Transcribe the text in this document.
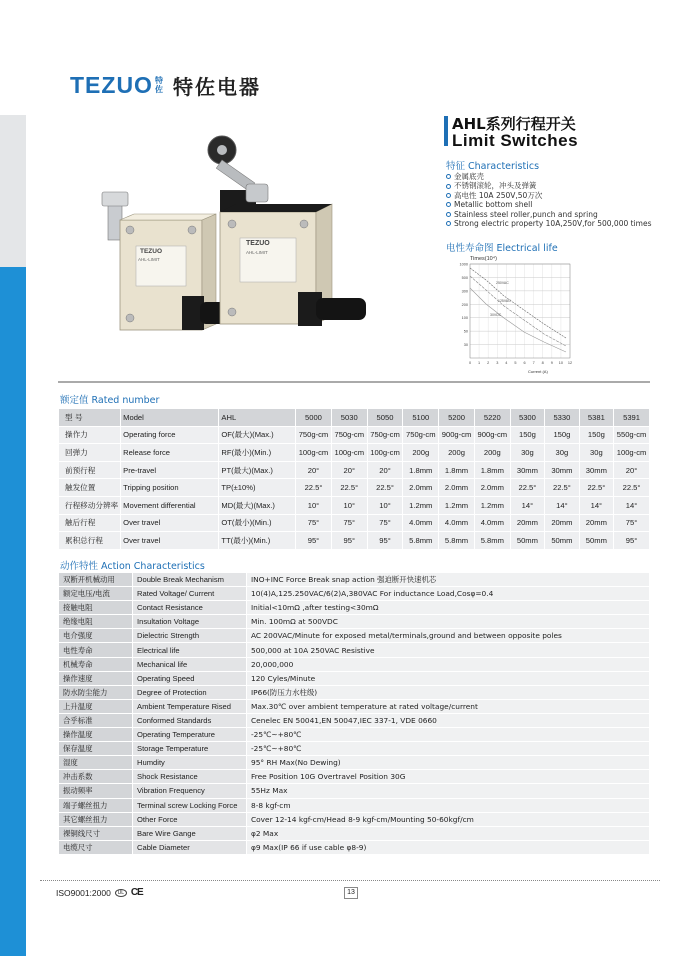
TEZUO 特
佐 特佐电器
TEZUO
AHL-LIMIT
TEZUO
AHL-LIMIT
AHL系列行程开关
Limit Switches
特征 Characteristics
金属底壳
不锈钢滚轮，冲头及弹簧
高电性 10A 250V,50万次
Metallic bottom shell
Stainless steel roller,punch and spring
Strong electric property 10A,250V,for 500,000 times
电性寿命图 Electrical life
Times(10⁴)
1000
500
300
200
100
50
30
0 1 2 3 4 5 6 7 8 9 10 12
250VAC
125VAC
30VDC
Current (A)
额定值 Rated number
型 号	Model	AHL	5000	5030	5050	5100	5200	5220	5300	5330	5381	5391
操作力	Operating force	OF(最大)(Max.)	750g-cm	750g-cm	750g-cm	750g-cm	900g-cm	900g-cm	150g	150g	150g	550g-cm
回弹力	Release force	RF(最小)(Min.)	100g-cm	100g-cm	100g-cm	200g	200g	200g	30g	30g	30g	100g-cm
前预行程	Pre-travel	PT(最大)(Max.)	20°	20°	20°	1.8mm	1.8mm	1.8mm	30mm	30mm	30mm	20°
触发位置	Tripping position	TP(±10%)	22.5°	22.5°	22.5°	2.0mm	2.0mm	2.0mm	22.5°	22.5°	22.5°	22.5°
行程移动分辨率	Movement differential	MD(最大)(Max.)	10°	10°	10°	1.2mm	1.2mm	1.2mm	14°	14°	14°	14°
触后行程	Over travel	OT(最小)(Min.)	75°	75°	75°	4.0mm	4.0mm	4.0mm	20mm	20mm	20mm	75°
累积总行程	Over travel	TT(最小)(Min.)	95°	95°	95°	5.8mm	5.8mm	5.8mm	50mm	50mm	50mm	95°
动作特性 Action Characteristics
双断开机械动用	Double Break Mechanism	INO+INC Force Break snap action 强迫断开快速机芯
额定电压/电流	Rated Voltage/ Current	10(4)A,125.250VAC/6(2)A,380VAC For inductance Load,Cosφ=0.4
接触电阻	Contact Resistance	Initial<10mΩ ,after testing<30mΩ
绝缘电阻	Insultation Voltage	Min. 100mΩ at 500VDC
电介强度	Dielectric Strength	AC 200VAC/Minute for exposed metal/terminals,ground and between opposite poles
电性寿命	Electrical life	500,000 at 10A 250VAC Resistive
机械寿命	Mechanical life	20,000,000
操作速度	Operating Speed	120 Cyles/Minute
防水防尘能力	Degree of Protection	IP66(防压力水柱级)
上升温度	Ambient Temperature Rised	Max.30℃ over ambient temperature at rated voltage/current
合乎标准	Conformed Standards	Cenelec EN 50041,EN 50047,IEC 337-1, VDE 0660
操作温度	Operating Temperature	-25℃~+80℃
保存温度	Storage Temperature	-25℃~+80℃
湿度	Humdity	95° RH Max(No Dewing)
冲击系数	Shock Resistance	Free Position 10G Overtravel Position 30G
振动频率	Vibration Frequency	55Hz Max
端子螺丝扭力	Terminal screw Locking Force	8-8 kgf-cm
其它螺丝扭力	Other Force	Cover 12-14 kgf-cm/Head 8-9 kgf-cm/Mounting 50-60kgf/cm
裸铜线尺寸	Bare Wire Gange	φ2 Max
电缆尺寸	Cable Diameter	φ9 Max(IP 66 if use cable φ8-9)
ISO9001:2000	UL CE	13
